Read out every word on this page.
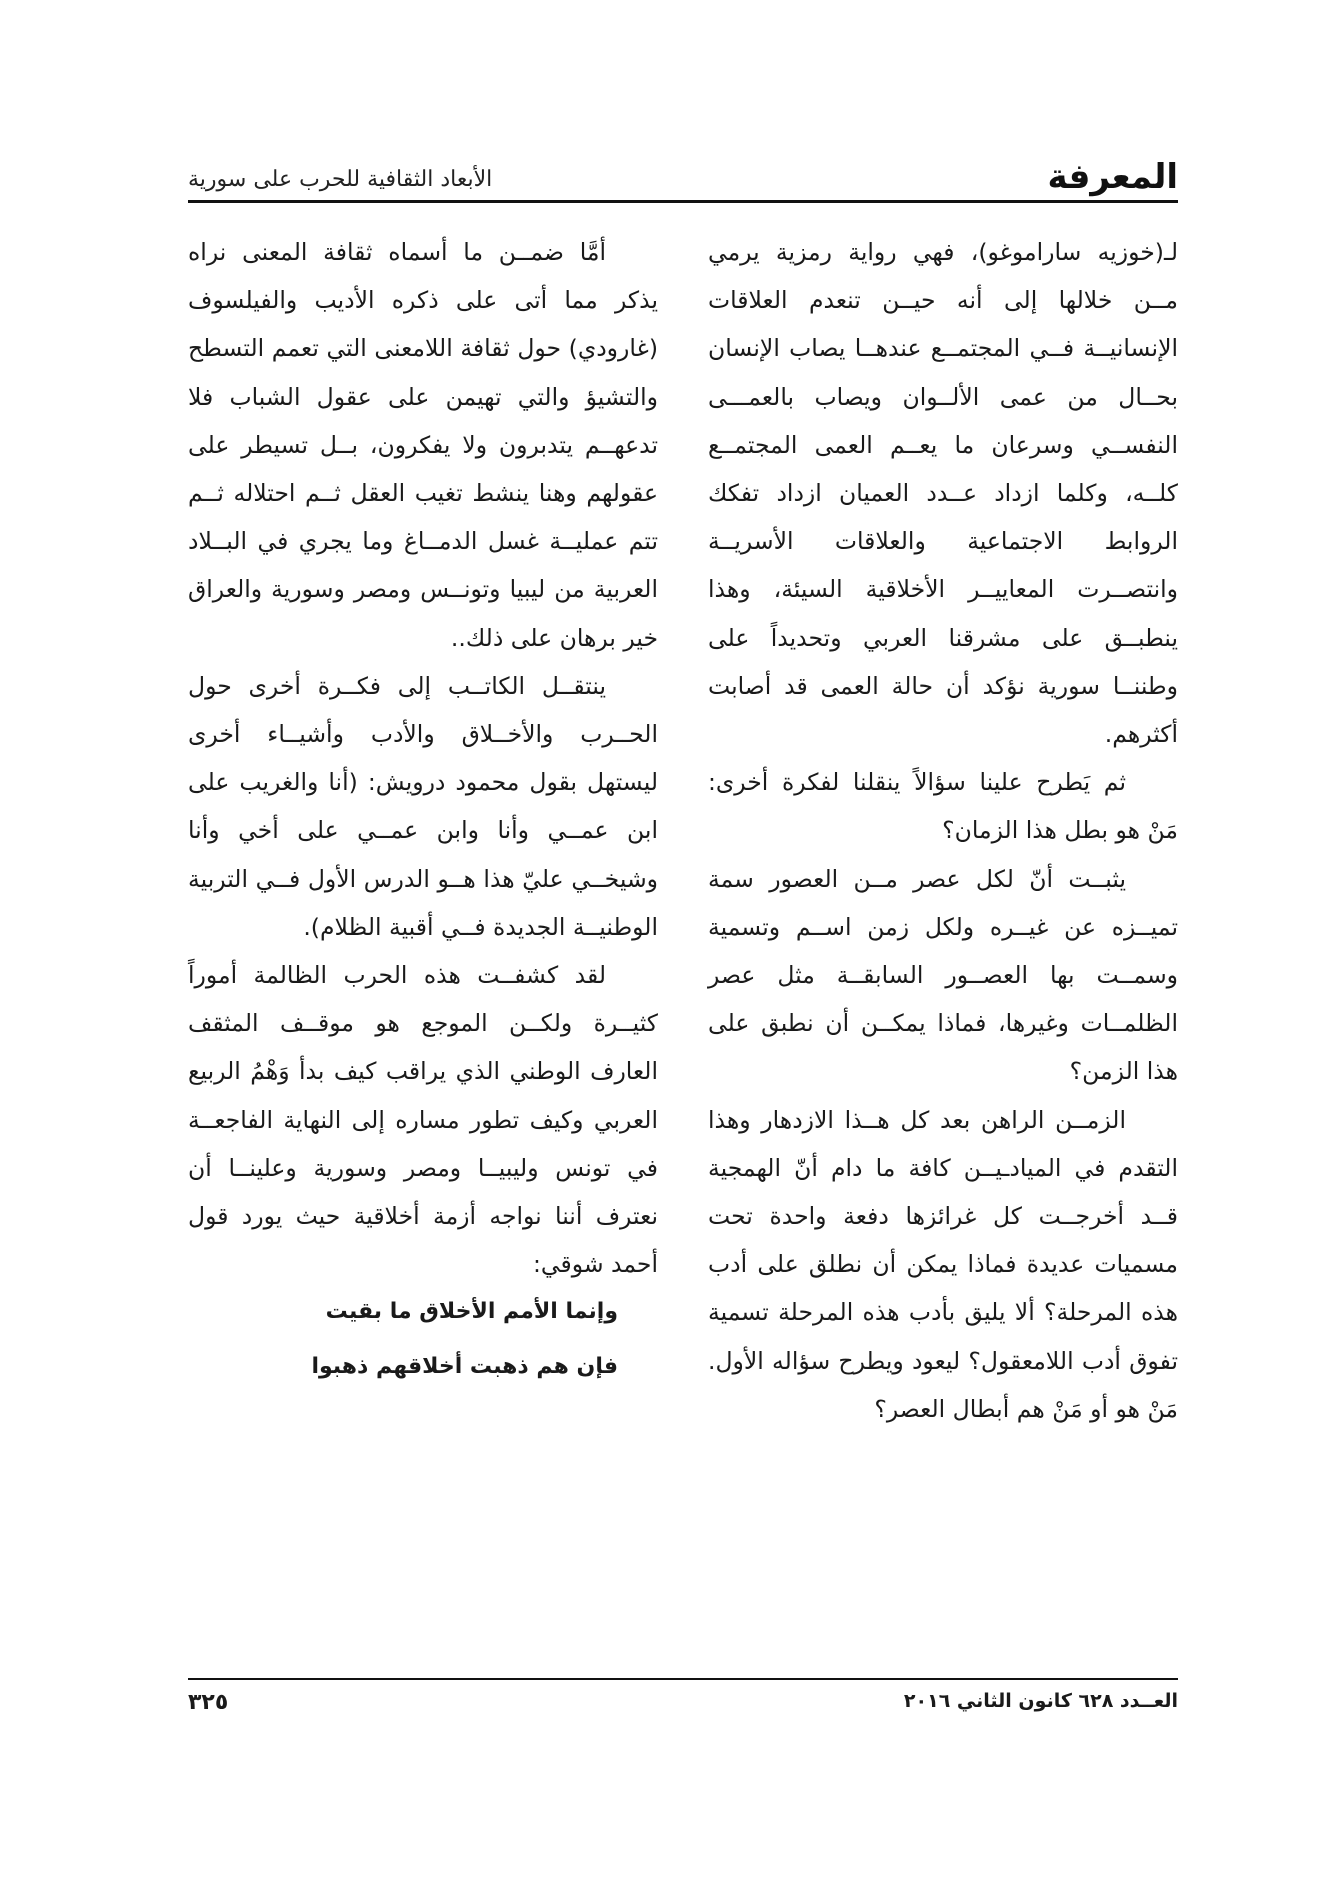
الأبعاد الثقافية للحرب على سورية	المعرفة

لـ(خوزيه ساراموغو)، فهي رواية رمزية يرمي مــن خلالها إلى أنه حيــن تنعدم العلاقات الإنسانيــة فــي المجتمــع عندهــا يصاب الإنسان بحــال من عمى الألــوان ويصاب بالعمـــى النفســي وسرعان ما يعــم العمى المجتمــع كلــه، وكلما ازداد عــدد العميان ازداد تفكك الروابط الاجتماعية والعلاقات الأسريــة وانتصــرت المعاييــر الأخلاقية السيئة، وهذا ينطبــق على مشرقنا العربي وتحديداً على وطننــا سورية نؤكد أن حالة العمى قد أصابت أكثرهم.

ثم يَطرح علينا سؤالاً ينقلنا لفكرة أخرى: مَنْ هو بطل هذا الزمان؟

يثبــت أنّ لكل عصر مــن العصور سمة تميــزه عن غيــره ولكل زمن اســم وتسمية وسمــت بها العصــور السابقــة مثل عصر الظلمــات وغيرها، فماذا يمكــن أن نطبق على هذا الزمن؟

الزمــن الراهن بعد كل هــذا الازدهار وهذا التقدم في الميادـيــن كافة ما دام أنّ الهمجية قــد أخرجــت كل غرائزها دفعة واحدة تحت مسميات عديدة فماذا يمكن أن نطلق على أدب هذه المرحلة؟ ألا يليق بأدب هذه المرحلة تسمية تفوق أدب اللامعقول؟ ليعود ويطرح سؤاله الأول. مَنْ هو أو مَنْ هم أبطال العصر؟

أمَّا ضمــن ما أسماه ثقافة المعنى نراه يذكر مما أتى على ذكره الأديب والفيلسوف (غارودي) حول ثقافة اللامعنى التي تعمم التسطح والتشيؤ والتي تهيمن على عقول الشباب فلا تدعهــم يتدبرون ولا يفكرون، بــل تسيطر على عقولهم وهنا ينشط تغيب العقل ثــم احتلاله ثــم تتم عمليــة غسل الدمــاغ وما يجري في البــلاد العربية من ليبيا وتونــس ومصر وسورية والعراق خير برهان على ذلك..

ينتقــل الكاتــب إلى فكــرة أخرى حول الحــرب والأخــلاق والأدب وأشيــاء أخرى ليستهل بقول محمود درويش: (أنا والغريب على ابن عمــي وأنا وابن عمــي على أخي وأنا وشيخــي عليّ هذا هــو الدرس الأول فــي التربية الوطنيــة الجديدة فــي أقبية الظلام).

لقد كشفــت هذه الحرب الظالمة أموراً كثيــرة ولكــن الموجع هو موقــف المثقف العارف الوطني الذي يراقب كيف بدأ وَهْمُ الربيع العربي وكيف تطور مساره إلى النهاية الفاجعــة في تونس وليبيــا ومصر وسورية وعلينــا أن نعترف أننا نواجه أزمة أخلاقية حيث يورد قول أحمد شوقي:

وإنما الأمم الأخلاق ما بقيت

فإن هم ذهبت أخلاقهم ذهبوا

٣٢٥	العــدد ٦٢٨ كانون الثاني ٢٠١٦
